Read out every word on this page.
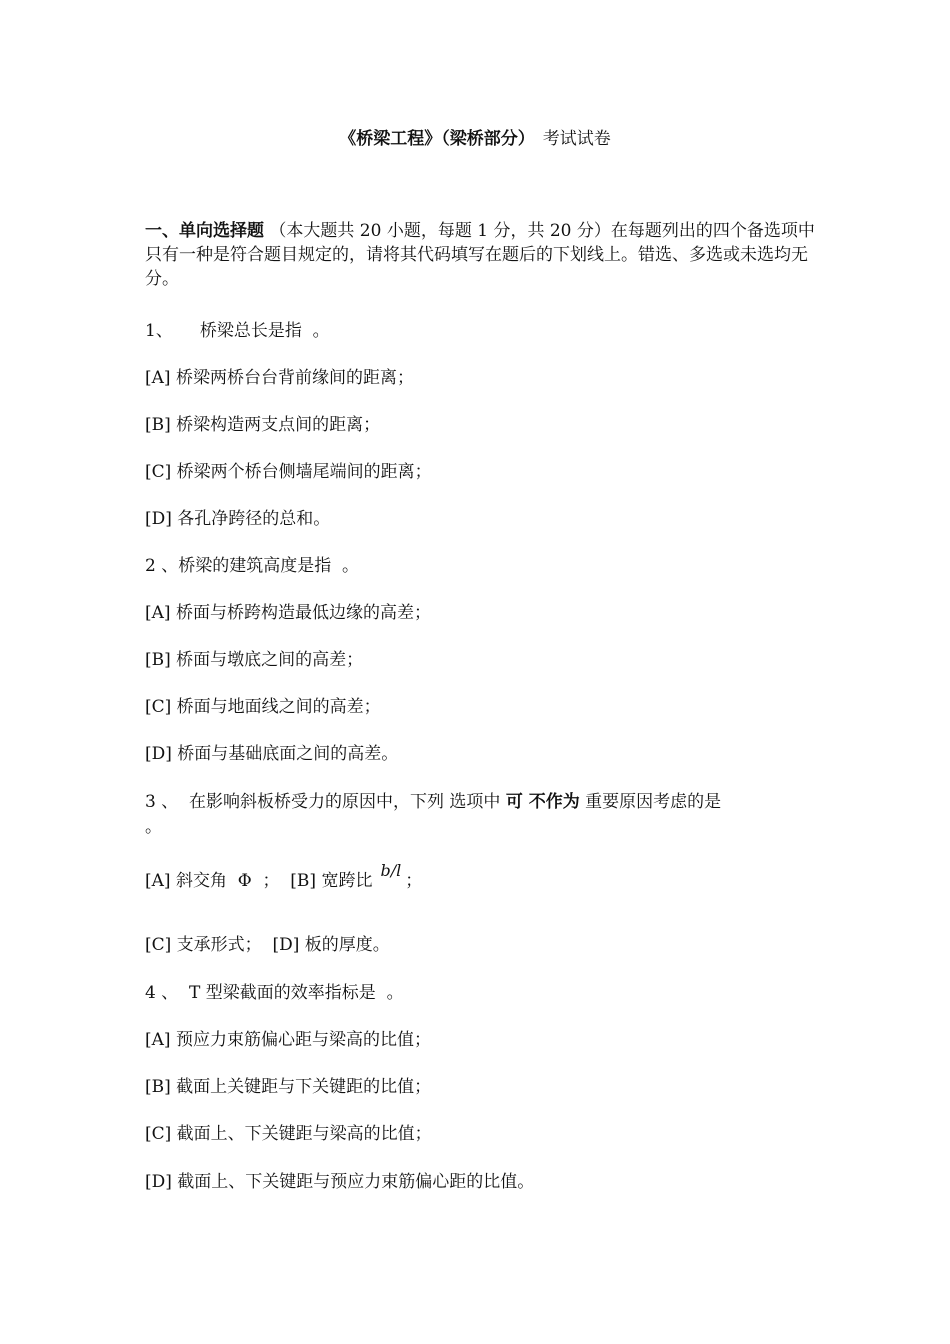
《桥梁工程》（梁桥部分） 考试试卷
一、单向选择题 （本大题共 20 小题，每题 1 分，共 20 分）在每题列出的四个备选项中只有一种是符合题目规定的，请将其代码填写在题后的下划线上。错选、多选或未选均无分。
1、     桥梁总长是指  。
[A] 桥梁两桥台台背前缘间的距离；
[B] 桥梁构造两支点间的距离；
[C] 桥梁两个桥台侧墙尾端间的距离；
[D] 各孔净跨径的总和。
2 、桥梁的建筑高度是指  。
[A] 桥面与桥跨构造最低边缘的高差；
[B] 桥面与墩底之间的高差；
[C] 桥面与地面线之间的高差；
[D] 桥面与基础底面之间的高差。
3 、  在影响斜板桥受力的原因中，下列 选项中 可 不作为 重要原因考虑的是
。
[A] 斜交角  Φ  ；  [B] 宽跨比b/l；
[C] 支承形式；  [D] 板的厚度。
4 、  T 型梁截面的效率指标是  。
[A] 预应力束筋偏心距与梁高的比值；
[B] 截面上关键距与下关键距的比值；
[C] 截面上、下关键距与梁高的比值；
[D] 截面上、下关键距与预应力束筋偏心距的比值。
